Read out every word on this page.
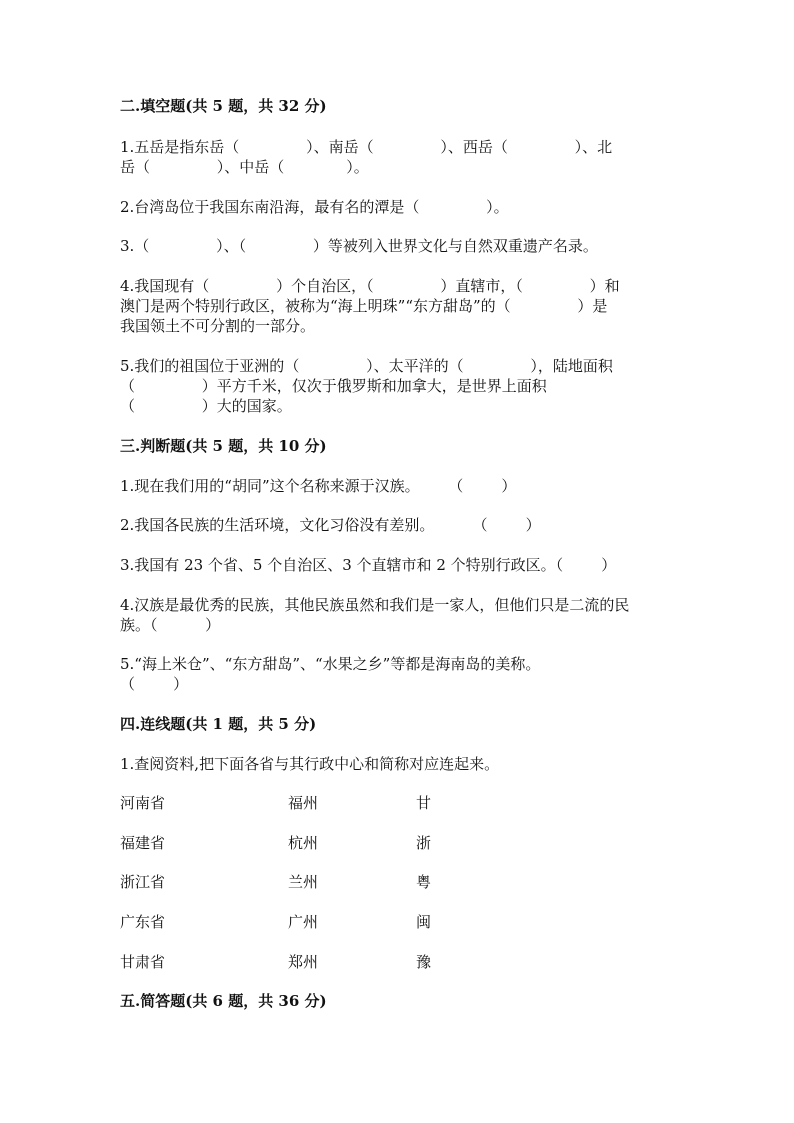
二.填空题(共 5 题，共 32 分)
1.五岳是指东岳（              ）、南岳（              ）、西岳（              ）、北
岳（              ）、中岳（             ）。
2.台湾岛位于我国东南沿海，最有名的潭是（              ）。
3.（              ）、（              ）等被列入世界文化与自然双重遗产名录。
4.我国现有（              ）个自治区，（              ）直辖市，（              ）和
澳门是两个特别行政区，被称为“海上明珠”“东方甜岛”的（              ）是
我国领土不可分割的一部分。
5.我们的祖国位于亚洲的（              ）、太平洋的（              ），陆地面积
（              ）平方千米，仅次于俄罗斯和加拿大，是世界上面积
（              ）大的国家。
三.判断题(共 5 题，共 10 分)
1.现在我们用的“胡同”这个名称来源于汉族。      （        ）
2.我国各民族的生活环境，文化习俗没有差别。        （        ）
3.我国有 23 个省、5 个自治区、3 个直辖市和 2 个特别行政区。（        ）
4.汉族是最优秀的民族，其他民族虽然和我们是一家人，但他们只是二流的民
族。（          ）
5.“海上米仓”、“东方甜岛”、“水果之乡”等都是海南岛的美称。
（        ）
四.连线题(共 1 题，共 5 分)
1.查阅资料,把下面各省与其行政中心和简称对应连起来。
河南省	福州	甘
福建省	杭州	浙
浙江省	兰州	粤
广东省	广州	闽
甘肃省	郑州	豫
五.简答题(共 6 题，共 36 分)
